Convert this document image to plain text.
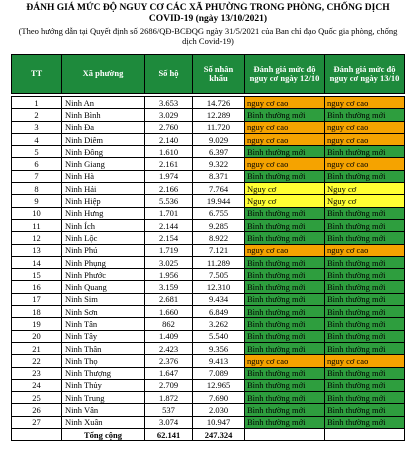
ĐÁNH GIÁ MỨC ĐỘ NGUY CƠ CÁC XÃ PHƯỜNG TRONG PHÒNG, CHỐNG DỊCH
COVID-19 (ngày 13/10/2021)
(Theo hướng dẫn tại Quyết định số 2686/QĐ-BCĐQG ngày 31/5/2021 của Ban chỉ đạo Quốc gia phòng, chống dịch Covid-19)
TT	Xã phường	Số hộ	Số nhân khẩu	Đánh giá mức độ nguy cơ ngày 12/10	Đánh giá mức độ nguy cơ ngày 13/10

1	Ninh An	3.653	14.726	nguy cơ cao	nguy cơ cao
2	Ninh Bình	3.029	12.289	Bình thường mới	Bình thường mới
3	Ninh Đa	2.760	11.720	nguy cơ cao	nguy cơ cao
4	Ninh Diêm	2.140	9.029	nguy cơ cao	nguy cơ cao
5	Ninh Đông	1.610	6.397	Bình thường mới	Bình thường mới
6	Ninh Giang	2.161	9.322	nguy cơ cao	nguy cơ cao
7	Ninh Hà	1.974	8.371	Bình thường mới	Bình thường mới
8	Ninh Hải	2.166	7.764	Nguy cơ	Nguy cơ
9	Ninh Hiệp	5.536	19.944	Nguy cơ	Nguy cơ
10	Ninh Hưng	1.701	6.755	Bình thường mới	Bình thường mới
11	Ninh Ích	2.144	9.285	Bình thường mới	Bình thường mới
12	Ninh Lộc	2.154	8.922	Bình thường mới	Bình thường mới
13	Ninh Phú	1.719	7.121	nguy cơ cao	nguy cơ cao
14	Ninh Phụng	3.025	11.289	Bình thường mới	Bình thường mới
15	Ninh Phước	1.956	7.505	Bình thường mới	Bình thường mới
16	Ninh Quang	3.159	12.310	Bình thường mới	Bình thường mới
17	Ninh Sim	2.681	9.434	Bình thường mới	Bình thường mới
18	Ninh Sơn	1.660	6.849	Bình thường mới	Bình thường mới
19	Ninh Tân	862	3.262	Bình thường mới	Bình thường mới
20	Ninh Tây	1.409	5.540	Bình thường mới	Bình thường mới
21	Ninh Thân	2.423	9.356	Bình thường mới	Bình thường mới
22	Ninh Thọ	2.376	9.413	nguy cơ cao	nguy cơ cao
23	Ninh Thượng	1.647	7.089	Bình thường mới	Bình thường mới
24	Ninh Thủy	2.709	12.965	Bình thường mới	Bình thường mới
25	Ninh Trung	1.872	7.690	Bình thường mới	Bình thường mới
26	Ninh Vân	537	2.030	Bình thường mới	Bình thường mới
27	Ninh Xuân	3.074	10.947	Bình thường mới	Bình thường mới
	Tổng cộng	62.141	247.324		
